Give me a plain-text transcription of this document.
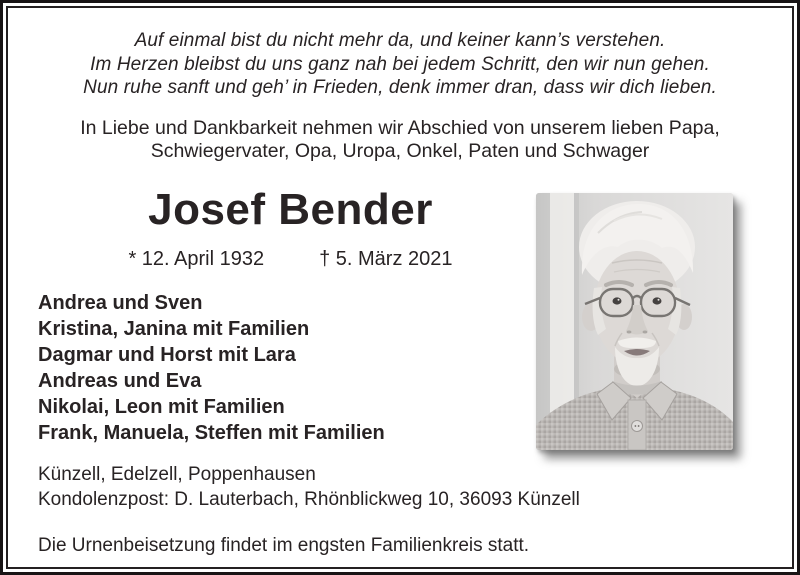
Auf einmal bist du nicht mehr da, und keiner kann’s verstehen.
Im Herzen bleibst du uns ganz nah bei jedem Schritt, den wir nun gehen.
Nun ruhe sanft und geh’ in Frieden, denk immer dran, dass wir dich lieben.
In Liebe und Dankbarkeit nehmen wir Abschied von unserem lieben Papa,
Schwiegervater, Opa, Uropa, Onkel, Paten und Schwager
Josef Bender
* 12. April 1932	† 5. März 2021
Andrea und Sven
Kristina, Janina mit Familien
Dagmar und Horst mit Lara
Andreas und Eva
Nikolai, Leon mit Familien
Frank, Manuela, Steffen mit Familien
Künzell, Edelzell, Poppenhausen
Kondolenzpost: D. Lauterbach, Rhönblickweg 10, 36093 Künzell
Die Urnenbeisetzung findet im engsten Familienkreis statt.
